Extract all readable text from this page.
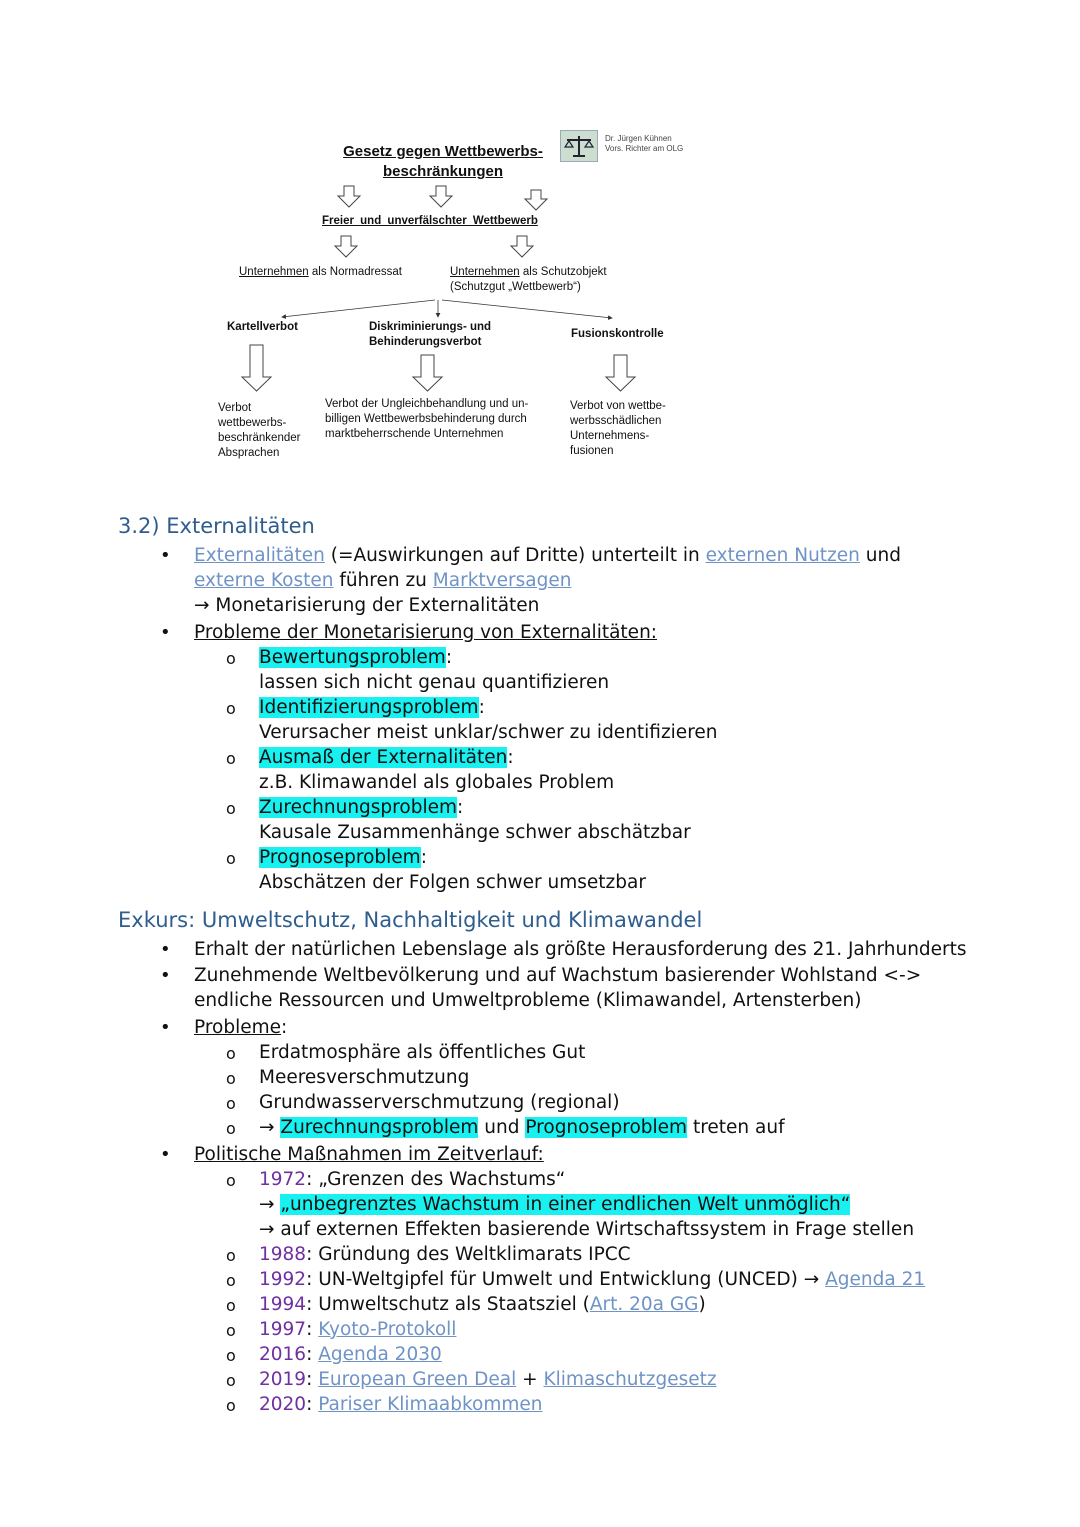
Gesetz gegen Wettbewerbs-
beschränkungen
Dr. Jürgen Kühnen
Vors. Richter am OLG
Freier und unverfälschter Wettbewerb
Unternehmen als Normadressat	Unternehmen als Schutzobjekt
(Schutzgut „Wettbewerb“)
Kartellverbot	Diskriminierungs- und
Behinderungsverbot
Fusionskontrolle
Verbot
wettbewerbs-
beschränkender
Absprachen
Verbot der Ungleichbehandlung und un-
billigen Wettbewerbsbehinderung durch
marktbeherrschende Unternehmen
Verbot von wettbe-
werbsschädlichen
Unternehmens-
fusionen
3.2) Externalitäten
• Externalitäten (=Auswirkungen auf Dritte) unterteilt in externen Nutzen und
externe Kosten führen zu Marktversagen
→ Monetarisierung der Externalitäten
• Probleme der Monetarisierung von Externalitäten:
o Bewertungsproblem:
lassen sich nicht genau quantifizieren
o Identifizierungsproblem:
Verursacher meist unklar/schwer zu identifizieren
o Ausmaß der Externalitäten:
z.B. Klimawandel als globales Problem
o Zurechnungsproblem:
Kausale Zusammenhänge schwer abschätzbar
o Prognoseproblem:
Abschätzen der Folgen schwer umsetzbar
Exkurs: Umweltschutz, Nachhaltigkeit und Klimawandel
• Erhalt der natürlichen Lebenslage als größte Herausforderung des 21. Jahrhunderts
• Zunehmende Weltbevölkerung und auf Wachstum basierender Wohlstand <->
endliche Ressourcen und Umweltprobleme (Klimawandel, Artensterben)
• Probleme:
o Erdatmosphäre als öffentliches Gut
o Meeresverschmutzung
o Grundwasserverschmutzung (regional)
o → Zurechnungsproblem und Prognoseproblem treten auf
• Politische Maßnahmen im Zeitverlauf:
o 1972: „Grenzen des Wachstums“
→ „unbegrenztes Wachstum in einer endlichen Welt unmöglich“
→ auf externen Effekten basierende Wirtschaftssystem in Frage stellen
o 1988: Gründung des Weltklimarats IPCC
o 1992: UN-Weltgipfel für Umwelt und Entwicklung (UNCED) → Agenda 21
o 1994: Umweltschutz als Staatsziel (Art. 20a GG)
o 1997: Kyoto-Protokoll
o 2016: Agenda 2030
o 2019: European Green Deal + Klimaschutzgesetz
o 2020: Pariser Klimaabkommen
